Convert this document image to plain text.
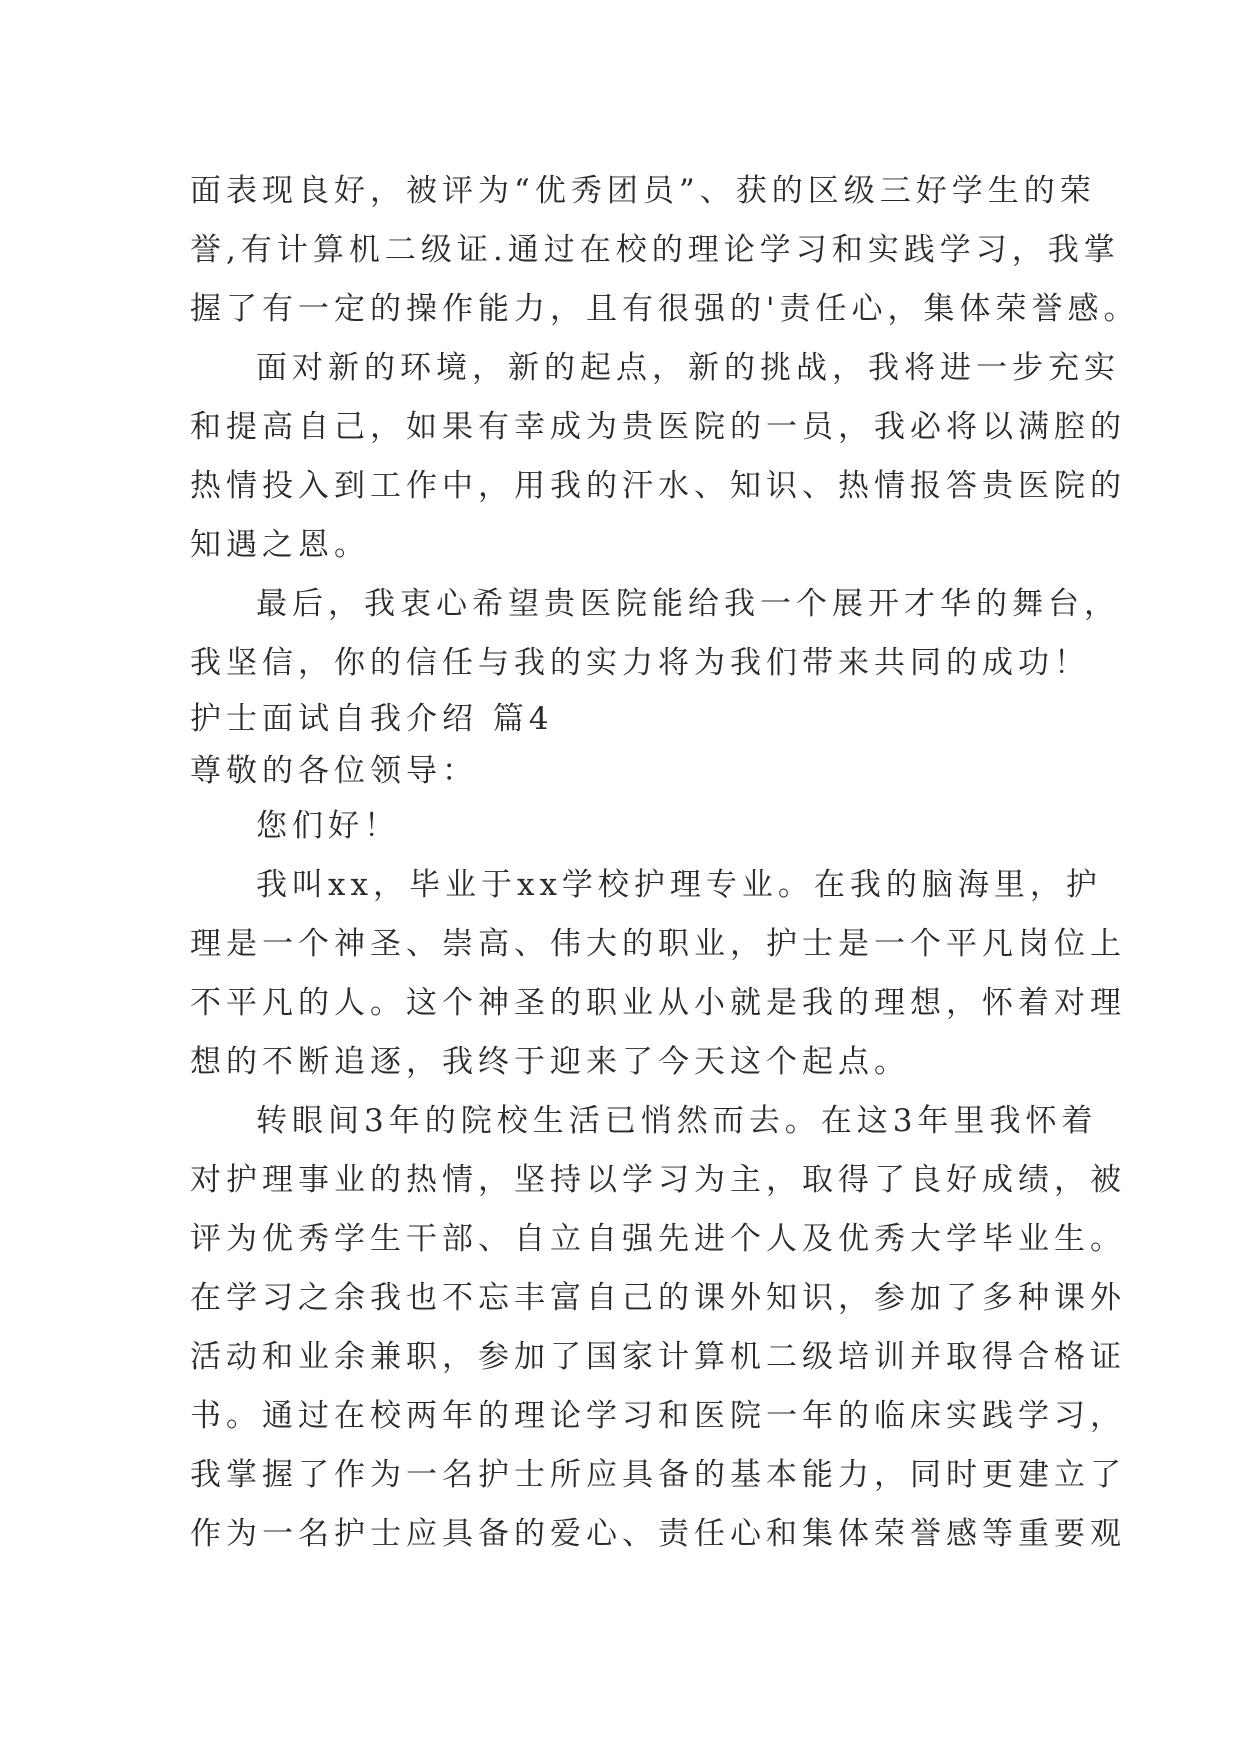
面表现良好，被评为“优秀团员”、获的区级三好学生的荣
誉,有计算机二级证.通过在校的理论学习和实践学习，我掌
握了有一定的操作能力，且有很强的'责任心，集体荣誉感。
面对新的环境，新的起点，新的挑战，我将进一步充实
和提高自己，如果有幸成为贵医院的一员，我必将以满腔的
热情投入到工作中，用我的汗水、知识、热情报答贵医院的
知遇之恩。
最后，我衷心希望贵医院能给我一个展开才华的舞台，
我坚信，你的信任与我的实力将为我们带来共同的成功！
护士面试自我介绍 篇4
尊敬的各位领导：
您们好！
我叫xx，毕业于xx学校护理专业。在我的脑海里，护
理是一个神圣、崇高、伟大的职业，护士是一个平凡岗位上
不平凡的人。这个神圣的职业从小就是我的理想，怀着对理
想的不断追逐，我终于迎来了今天这个起点。
转眼间3年的院校生活已悄然而去。在这3年里我怀着
对护理事业的热情，坚持以学习为主，取得了良好成绩，被
评为优秀学生干部、自立自强先进个人及优秀大学毕业生。
在学习之余我也不忘丰富自己的课外知识，参加了多种课外
活动和业余兼职，参加了国家计算机二级培训并取得合格证
书。通过在校两年的理论学习和医院一年的临床实践学习，
我掌握了作为一名护士所应具备的基本能力，同时更建立了
作为一名护士应具备的爱心、责任心和集体荣誉感等重要观
